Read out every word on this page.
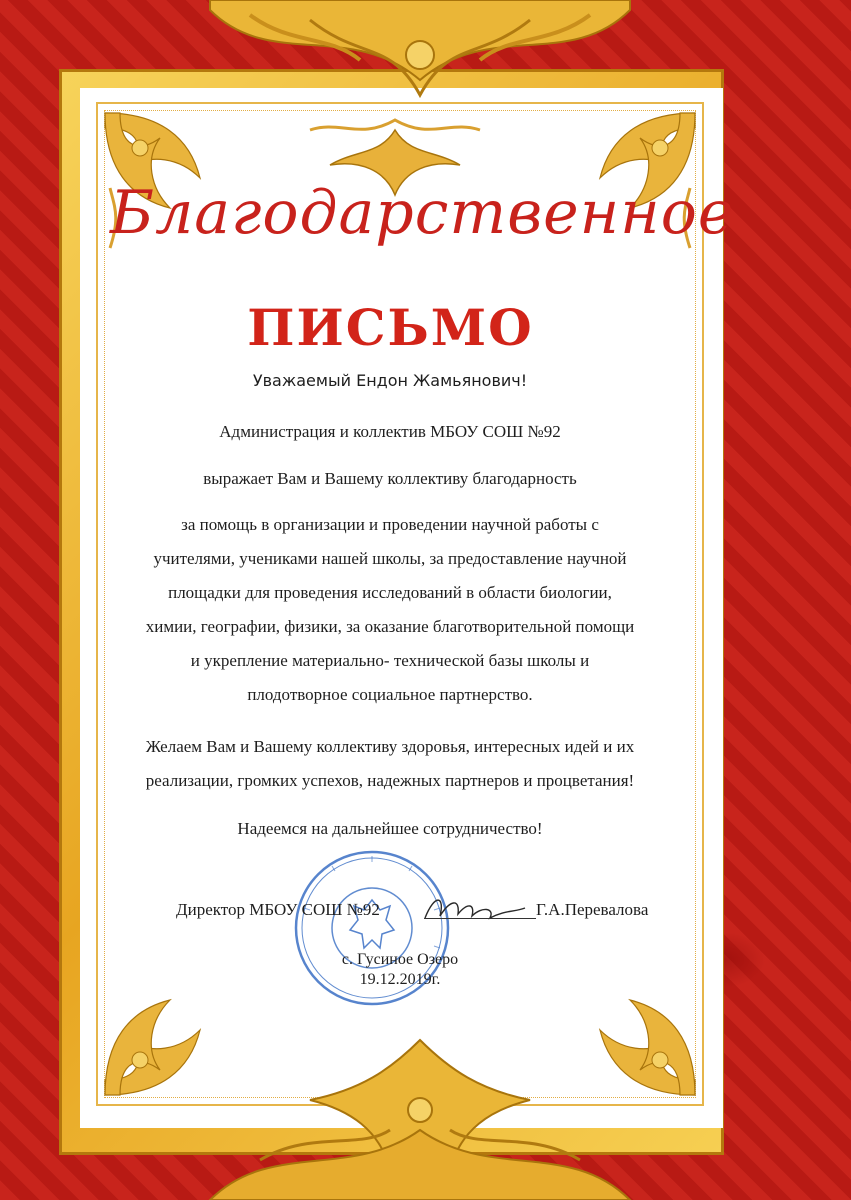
Благодарственное
ПИСЬМО
Уважаемый Ендон Жамьянович!
Администрация и коллектив МБОУ СОШ №92
выражает Вам и Вашему коллективу благодарность
за помощь в организации и проведении научной работы с
учителями, учениками нашей школы, за предоставление научной
площадки для проведения исследований в области биологии,
химии, географии, физики, за оказание благотворительной помощи
и укрепление материально- технической базы школы и
плодотворное социальное партнерство.
Желаем Вам и Вашему коллективу здоровья, интересных идей и их
реализации, громких успехов, надежных партнеров и процветания!
Надеемся на дальнейшее сотрудничество!
Директор МБОУ СОШ №92	Г.А.Перевалова
с. Гусиное Озеро
19.12.2019г.
